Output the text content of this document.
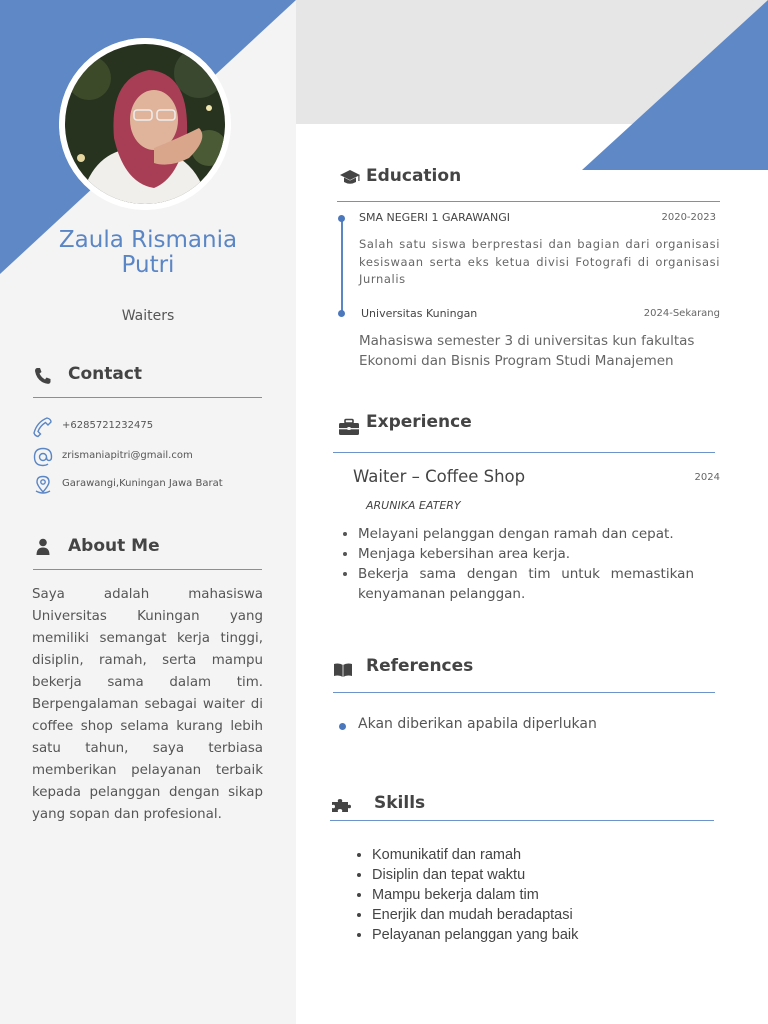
Zaula Rismania
Putri
Waiters
Contact
+6285721232475
zrismaniapitri@gmail.com
Garawangi,Kuningan Jawa Barat
About Me
Saya adalah mahasiswa Universitas Kuningan yang memiliki semangat kerja tinggi, disiplin, ramah, serta mampu bekerja sama dalam tim. Berpengalaman sebagai waiter di coffee shop selama kurang lebih satu tahun, saya terbiasa memberikan pelayanan terbaik kepada pelanggan dengan sikap yang sopan dan profesional.
Education
SMA NEGERI 1 GARAWANGI	2020-2023
Salah satu siswa berprestasi dan bagian dari organisasi kesiswaan serta eks ketua divisi Fotografi di organisasi Jurnalis
Universitas Kuningan	2024-Sekarang
Mahasiswa semester 3 di universitas kun fakultas Ekonomi dan Bisnis Program Studi Manajemen
Experience
Waiter – Coffee Shop	2024
ARUNIKA EATERY
• Melayani pelanggan dengan ramah dan cepat.
• Menjaga kebersihan area kerja.
• Bekerja sama dengan tim untuk memastikan kenyamanan pelanggan.
References
Akan diberikan apabila diperlukan
Skills
• Komunikatif dan ramah
• Disiplin dan tepat waktu
• Mampu bekerja dalam tim
• Enerjik dan mudah beradaptasi
• Pelayanan pelanggan yang baik
